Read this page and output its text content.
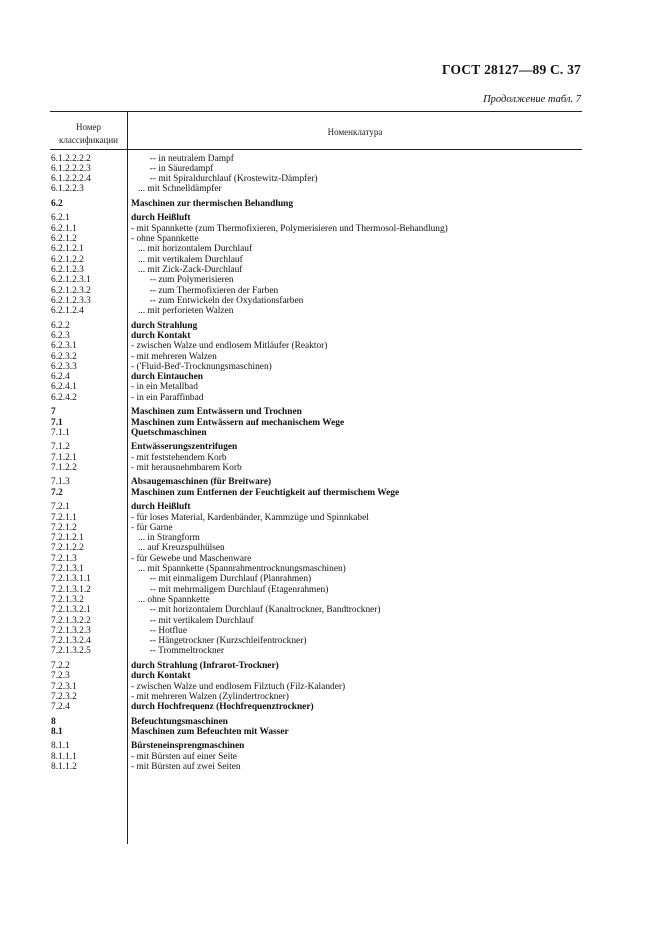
ГОСТ 28127—89 С. 37
Продолжение табл. 7
Номер
классификации
Номенклатура
6.1.2.2.2.2	-- in neutralem Dampf
6.1.2.2.2.3	-- in Säuredampf
6.1.2.2.2.4	-- mit Spiraldurchlauf (Krostewitz-Dämpfer)
6.1.2.2.3	... mit Schnelldämpfer
6.2	Maschinen zur thermischen Behandlung
6.2.1	durch Heißluft
6.2.1.1	- mit Spannkette (zum Thermofixieren, Polymerisieren und Thermosol-Behandlung)
6.2.1.2	- ohne Spannkette
6.2.1.2.1	... mit horizontalem Durchlauf
6.2.1.2.2	... mit vertikalem Durchlauf
6.2.1.2.3	... mit Zick-Zack-Durchlauf
6.2.1.2.3.1	-- zum Polymerisieren
6.2.1.2.3.2	-- zum Thermofixieren der Farben
6.2.1.2.3.3	-- zum Entwickeln der Oxydationsfarben
6.2.1.2.4	... mit perforieten Walzen
6.2.2	durch Strahlung
6.2.3	durch Kontakt
6.2.3.1	- zwischen Walze und endlosem Mitläufer (Reaktor)
6.2.3.2	- mit mehreren Walzen
6.2.3.3	- ('Fluid-Bed'-Trocknungsmaschinen)
6.2.4	durch Eintauchen
6.2.4.1	- in ein Metallbad
6.2.4.2	- in ein Paraffinbad
7	Maschinen zum Entwässern und Trochnen
7.1	Maschinen zum Entwässern auf mechanischem Wege
7.1.1	Quetschmaschinen
7.1.2	Entwässerungszentrifugen
7.1.2.1	- mit feststehendem Korb
7.1.2.2	- mit herausnehmbarem Korb
7.1.3	Absaugemaschinen (für Breitware)
7.2	Maschinen zum Entfernen der Feuchtigkeit auf thermischem Wege
7.2.1	durch Heißluft
7.2.1.1	- für loses Material, Kardenbänder, Kammzüge und Spinnkabel
7.2.1.2	- für Garne
7.2.1.2.1	... in Strangform
7.2.1.2.2	... auf Kreuzspulhülsen
7.2.1.3	- für Gewebe und Maschenware
7.2.1.3.1	... mit Spannkette (Spannrahmentrocknungsmaschinen)
7.2.1.3.1.1	-- mit einmaligem Durchlauf (Planrahmen)
7.2.1.3.1.2	-- mit mehrmaligem Durchlauf (Etagenrahmen)
7.2.1.3.2	... ohne Spannkette
7.2.1.3.2.1	-- mit horizontalem Durchlauf (Kanaltrockner, Bandtrockner)
7.2.1.3.2.2	-- mit vertikalem Durchlauf
7.2.1.3.2.3	-- Hotflue
7.2.1.3.2.4	-- Hängetrockner (Kurzschleifentrockner)
7.2.1.3.2.5	-- Trommeltrockner
7.2.2	durch Strahlung (Infrarot-Trockner)
7.2.3	durch Kontakt
7.2.3.1	- zwischen Walze und endlosem Filztuch (Filz-Kalander)
7.2.3.2	- mit mehreren Walzen (Zylindertrockner)
7.2.4	durch Hochfrequenz (Hochfrequenztrockner)
8	Befeuchtungsmaschinen
8.1	Maschinen zum Befeuchten mit Wasser
8.1.1	Bürsteneinsprengmaschinen
8.1.1.1	- mit Bürsten auf einer Seite
8.1.1.2	- mit Bürsten auf zwei Seiten
